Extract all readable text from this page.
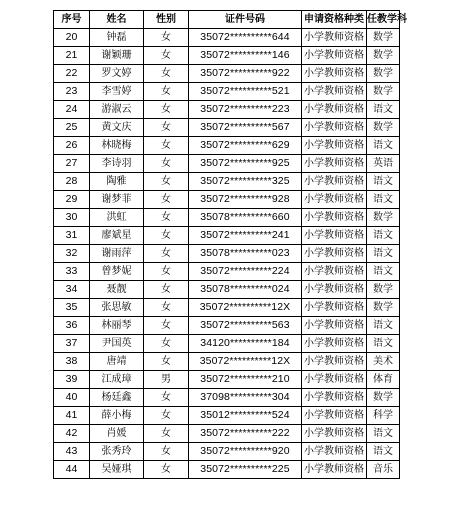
序号	姓名	性别	证件号码	申请资格种类	任教学科
20	钟磊	女	35072**********644	小学教师资格	数学
21	谢颖珊	女	35072**********146	小学教师资格	数学
22	罗文婷	女	35072**********922	小学教师资格	数学
23	李雪婷	女	35072**********521	小学教师资格	数学
24	游淑云	女	35072**********223	小学教师资格	语文
25	黄文庆	女	35072**********567	小学教师资格	数学
26	林晓梅	女	35072**********629	小学教师资格	语文
27	李诗羽	女	35072**********925	小学教师资格	英语
28	陶雅	女	35072**********325	小学教师资格	语文
29	谢梦菲	女	35072**********928	小学教师资格	语文
30	洪虹	女	35078**********660	小学教师资格	数学
31	廖斌星	女	35072**********241	小学教师资格	语文
32	谢雨萍	女	35078**********023	小学教师资格	语文
33	曾梦妮	女	35072**********224	小学教师资格	语文
34	聂靓	女	35078**********024	小学教师资格	数学
35	张思敏	女	35072**********12X	小学教师资格	数学
36	林丽琴	女	35072**********563	小学教师资格	语文
37	尹国英	女	34120**********184	小学教师资格	语文
38	唐靖	女	35072**********12X	小学教师资格	美术
39	江成璋	男	35072**********210	小学教师资格	体育
40	杨廷鑫	女	37098**********304	小学教师资格	数学
41	薛小梅	女	35012**********524	小学教师资格	科学
42	肖媛	女	35072**********222	小学教师资格	语文
43	张秀玲	女	35072**********920	小学教师资格	语文
44	吴娅琪	女	35072**********225	小学教师资格	音乐
